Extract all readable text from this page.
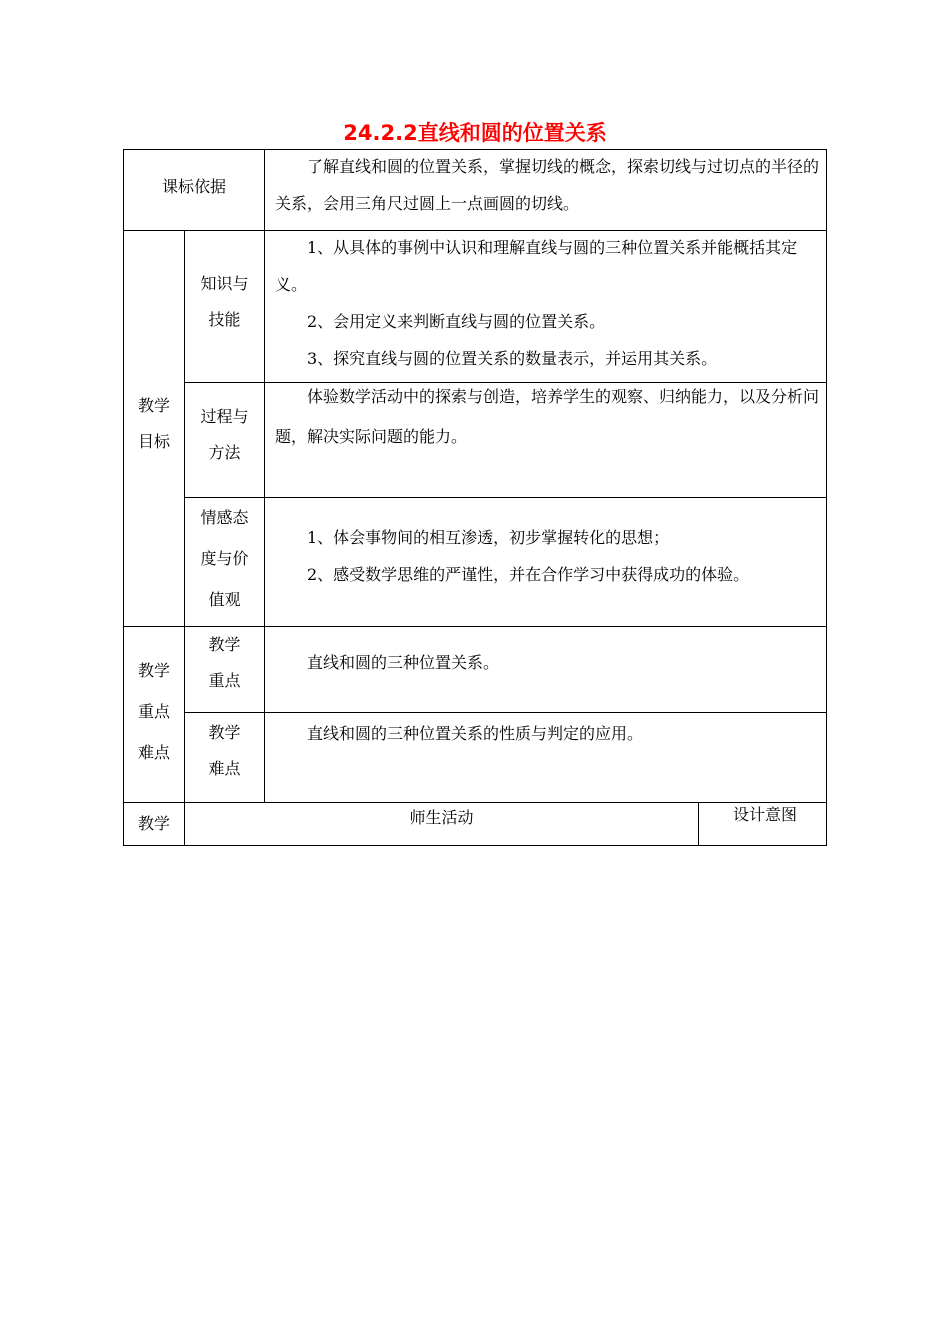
24.2.2直线和圆的位置关系
课标依据

了解直线和圆的位置关系，掌握切线的概念，探索切线与过切点的半径的关系，会用三角尺过圆上一点画圆的切线。

教学
目标
知识与
技能

1、从具体的事例中认识和理解直线与圆的三种位置关系并能概括其定义。

2、会用定义来判断直线与圆的位置关系。

3、探究直线与圆的位置关系的数量表示，并运用其关系。

过程与
方法

体验数学活动中的探索与创造，培养学生的观察、归纳能力，以及分析问题，解决实际问题的能力。

情感态
度与价
值观

1、体会事物间的相互渗透，初步掌握转化的思想；

2、感受数学思维的严谨性，并在合作学习中获得成功的体验。

教学
重点
难点
教学
重点

直线和圆的三种位置关系。

教学
难点

直线和圆的三种位置关系的性质与判定的应用。

教学	师生活动	设计意图
